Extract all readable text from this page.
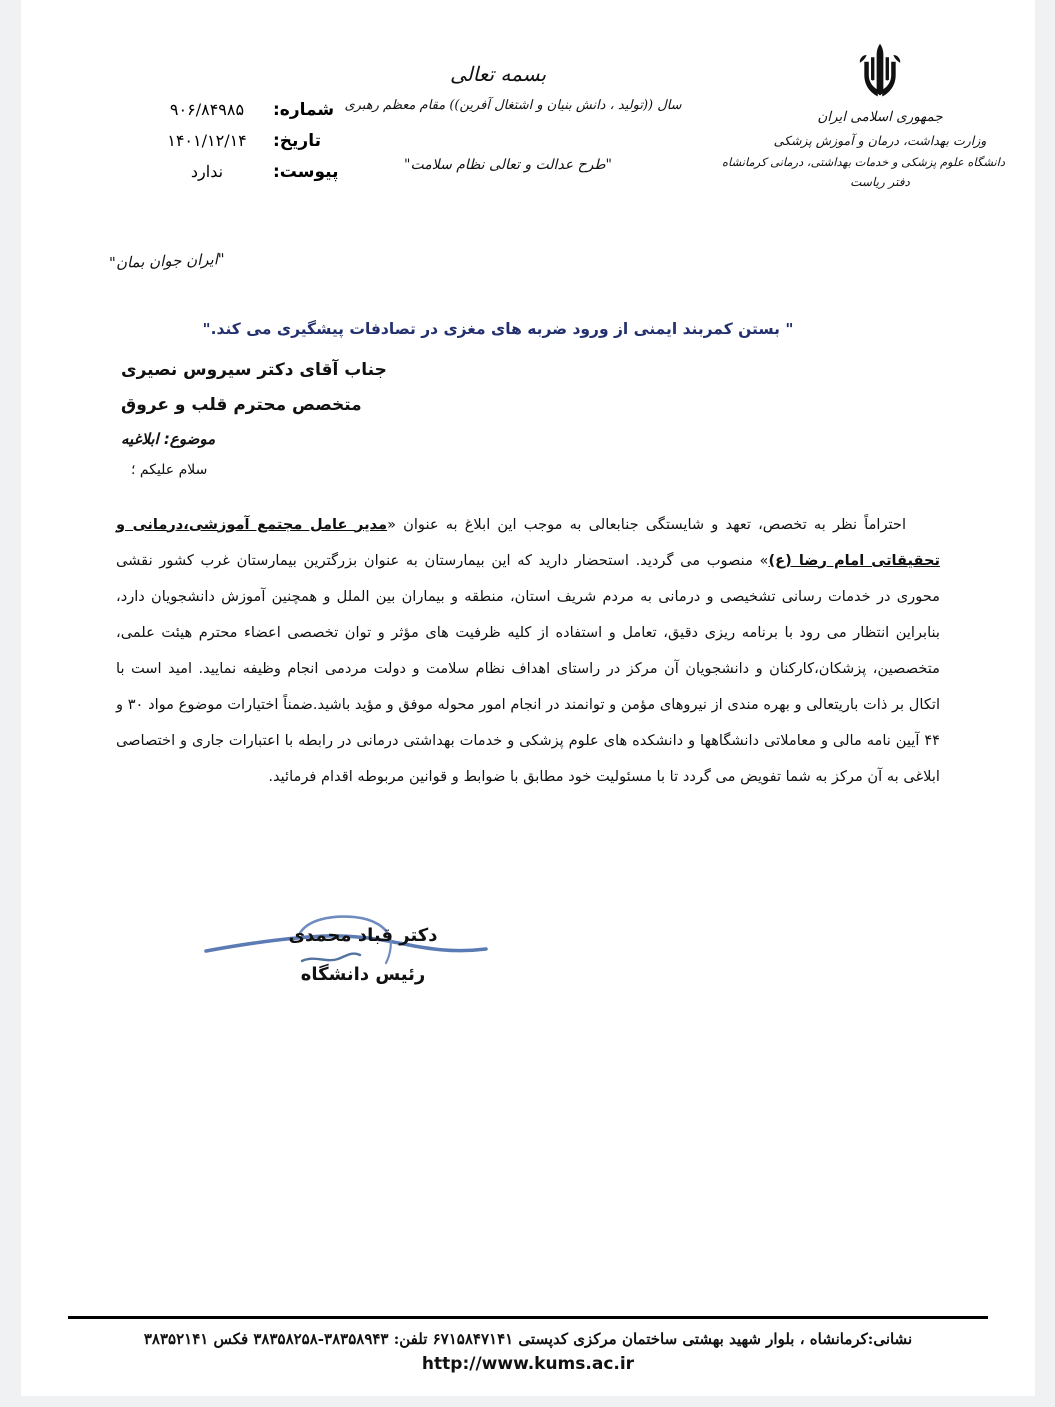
جمهوری اسلامی ایران
وزارت بهداشت، درمان و آموزش پزشکی
دانشگاه علوم پزشکی و خدمات بهداشتی، درمانی کرمانشاه
دفتر ریاست
بسمه تعالی
سال ((تولید ، دانش بنیان و اشتغال آفرین)) مقام معظم رهبری
"طرح عدالت و تعالی نظام سلامت"
شماره:
۹۰۶/۸۴۹۸۵
تاریخ:
۱۴۰۱/۱۲/۱۴
پیوست:
ندارد
"ایران جوان بمان"
" بستن کمربند ایمنی از ورود ضربه های مغزی در تصادفات پیشگیری می کند."
جناب آقای دکتر سیروس نصیری
متخصص محترم قلب و عروق
موضوع: ابلاغیه
سلام علیکم ؛

احتراماً نظر به تخصص، تعهد و شایستگی جنابعالی به موجب این ابلاغ به عنوان «مدیر عامل مجتمع آموزشی،درمانی و تحقیقاتی امام رضا (ع)» منصوب می گردید. استحضار دارید که این بیمارستان به عنوان بزرگترین بیمارستان غرب کشور نقشی محوری در خدمات رسانی تشخیصی و درمانی به مردم شریف استان، منطقه و بیماران بین الملل و همچنین آموزش دانشجویان دارد، بنابراین انتظار می رود با برنامه ریزی دقیق، تعامل و استفاده از کلیه ظرفیت های مؤثر و توان تخصصی اعضاء محترم هیئت علمی، متخصصین، پزشکان،کارکنان و دانشجویان آن مرکز در راستای اهداف نظام سلامت و دولت مردمی انجام وظیفه نمایید. امید است با اتکال بر ذات باریتعالی و بهره مندی از نیروهای مؤمن و توانمند در انجام امور محوله موفق و مؤید باشید.ضمناً اختیارات موضوع مواد ۳۰ و ۴۴ آیین نامه مالی و معاملاتی دانشگاهها و دانشکده های علوم پزشکی و خدمات بهداشتی درمانی در رابطه با اعتبارات جاری و اختصاصی ابلاغی به آن مرکز به شما تفویض می گردد تا با مسئولیت خود مطابق با ضوابط و قوانین مربوطه اقدام فرمائید.

دکتر قباد محمدی
رئیس دانشگاه
نشانی:کرمانشاه ، بلوار شهید بهشتی ساختمان مرکزی کدپستی ۶۷۱۵۸۴۷۱۴۱ تلفن: ۳۸۳۵۸۹۴۳-۳۸۳۵۸۲۵۸ فکس ۳۸۳۵۲۱۴۱
http://www.kums.ac.ir
